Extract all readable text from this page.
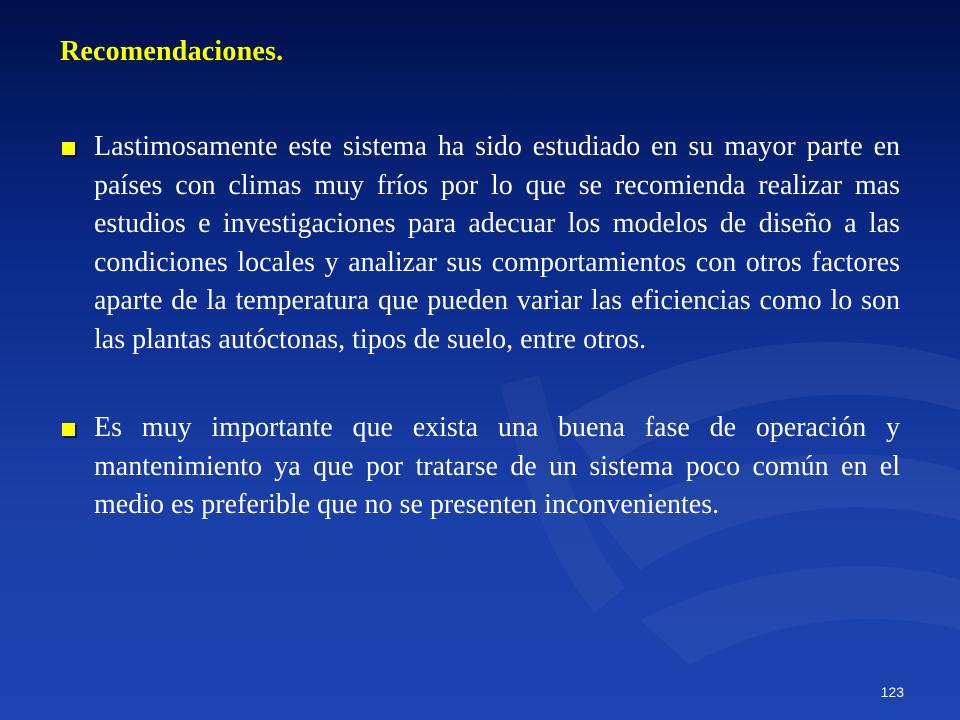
Recomendaciones.
Lastimosamente este sistema ha sido estudiado en su mayor parte en países con climas muy fríos por lo que se recomienda realizar mas estudios e investigaciones para adecuar los modelos de diseño a las condiciones locales y analizar sus comportamientos con otros factores aparte de la temperatura que pueden variar las eficiencias como lo son las plantas autóctonas, tipos de suelo, entre otros.
Es muy importante que exista una buena fase de operación y mantenimiento ya que por tratarse de un sistema poco común en el medio es preferible que no se presenten inconvenientes.
123
